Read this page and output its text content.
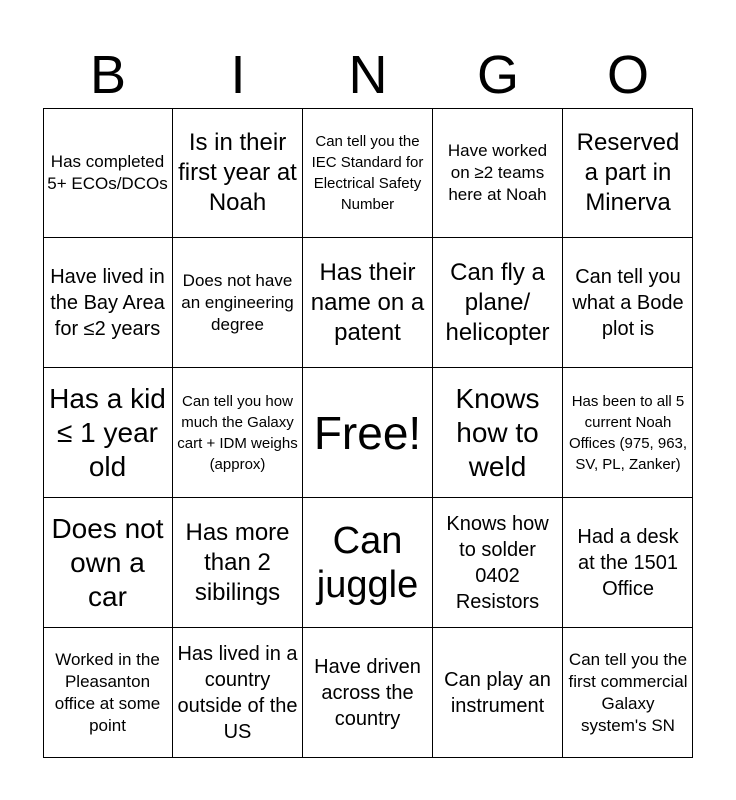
B	I	N	G	O
Has completed 5+ ECOs/DCOs
Is in their first year at Noah
Can tell you the IEC Standard for Electrical Safety Number
Have worked on ≥2 teams here at Noah
Reserved a part in Minerva
Have lived in the Bay Area for ≤2 years
Does not have an engineering degree
Has their name on a patent
Can fly a plane/ helicopter
Can tell you what a Bode plot is
Has a kid ≤ 1 year old
Can tell you how much the Galaxy cart + IDM weighs (approx)
Free!
Knows how to weld
Has been to all 5 current Noah Offices (975, 963, SV, PL, Zanker)
Does not own a car
Has more than 2 sibilings
Can juggle
Knows how to solder 0402 Resistors
Had a desk at the 1501 Office
Worked in the Pleasanton office at some point
Has lived in a country outside of the US
Have driven across the country
Can play an instrument
Can tell you the first commercial Galaxy system's SN
